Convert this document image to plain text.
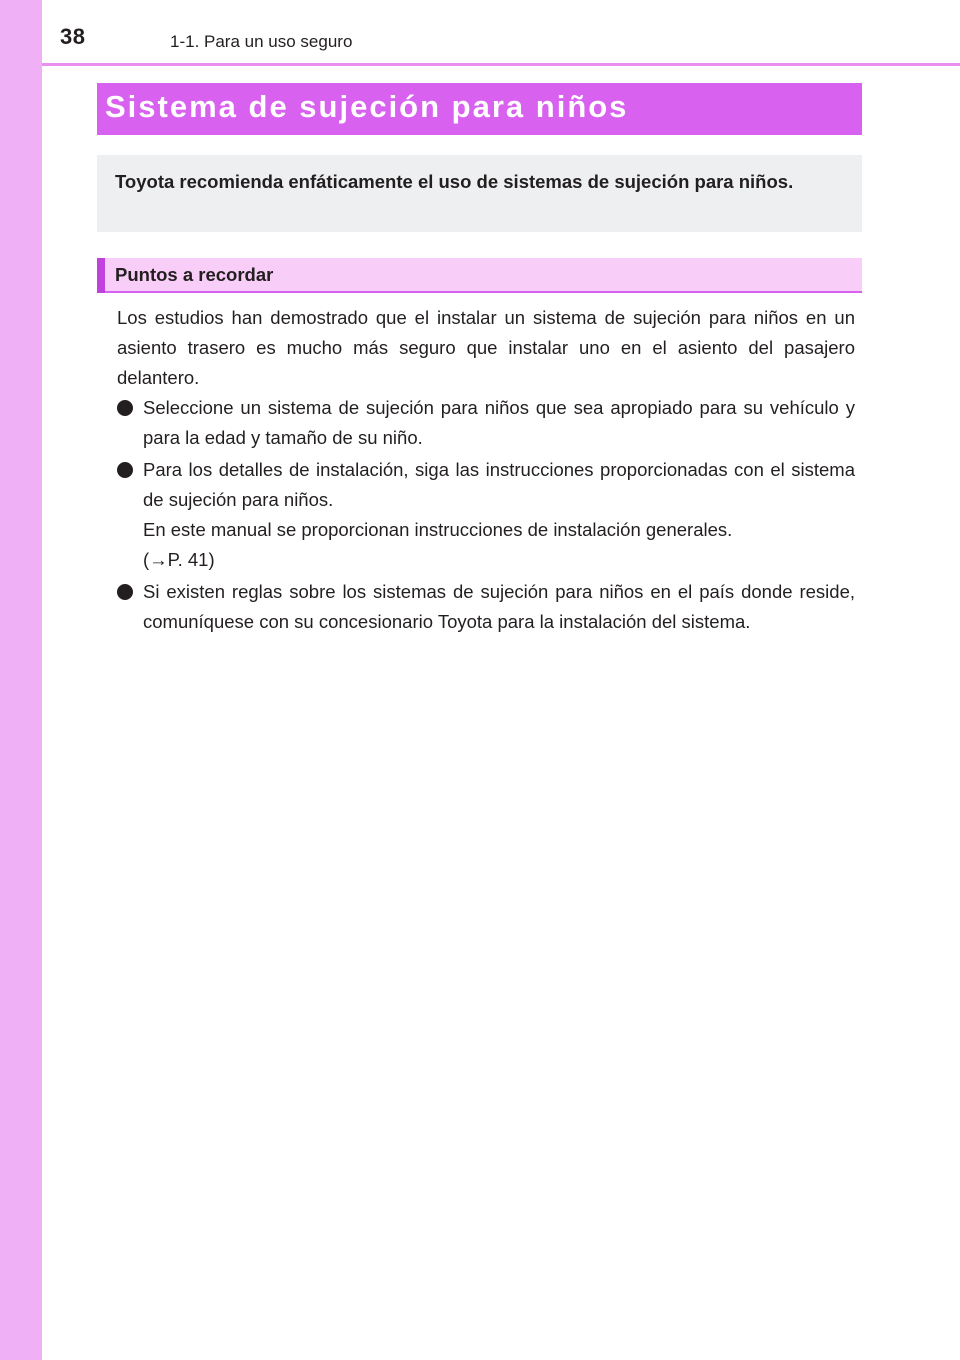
38	1-1. Para un uso seguro
Sistema de sujeción para niños
Toyota recomienda enfáticamente el uso de sistemas de sujeción para niños.
Puntos a recordar
Los estudios han demostrado que el instalar un sistema de sujeción para niños en un asiento trasero es mucho más seguro que instalar uno en el asiento del pasajero delantero.
Seleccione un sistema de sujeción para niños que sea apropiado para su vehículo y para la edad y tamaño de su niño.
Para los detalles de instalación, siga las instrucciones proporcionadas con el sistema de sujeción para niños.
En este manual se proporcionan instrucciones de instalación generales.
(→P. 41)
Si existen reglas sobre los sistemas de sujeción para niños en el país donde reside, comuníquese con su concesionario Toyota para la instalación del sistema.
